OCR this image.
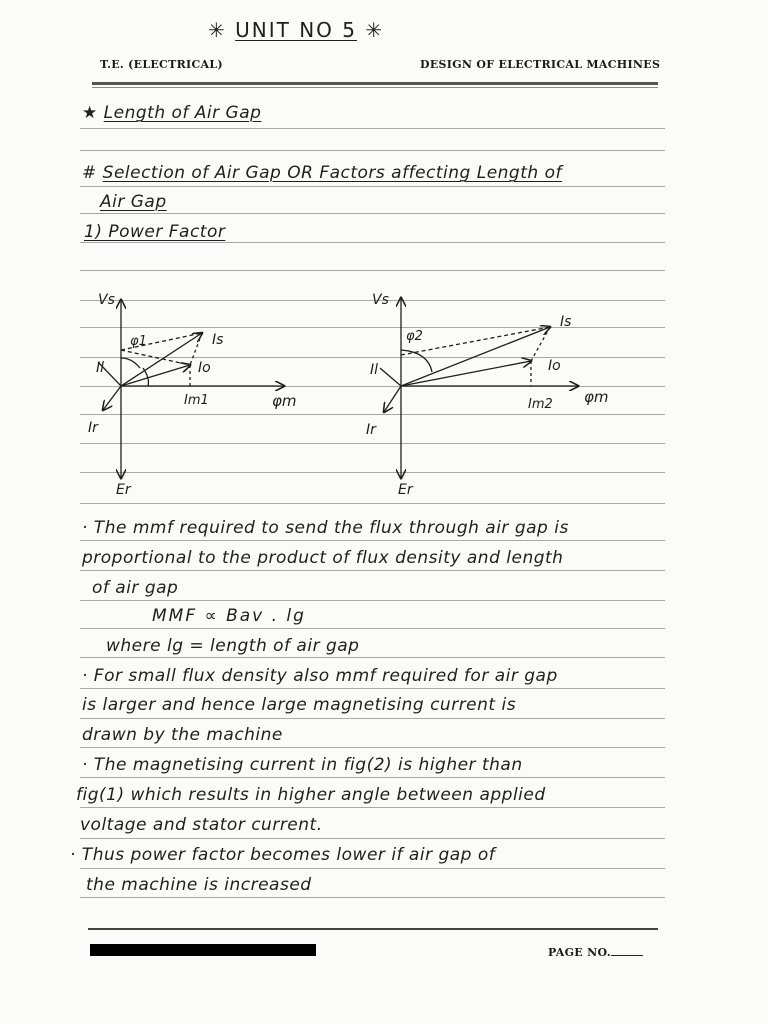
✳ UNIT NO 5 ✳
T.E. (ELECTRICAL)	DESIGN OF ELECTRICAL MACHINES
★ Length of Air Gap
# Selection of Air Gap OR Factors affecting Length of
Air Gap
1) Power Factor
Vs
φ1	Is
Il	Io
Im1	φm
Ir
Er
Vs
φ2
Is
Il	Io
Im2 φm
Ir
Er
· The mmf required to send the flux through air gap is
proportional to the product of flux density and length
of air gap
MMF ∝ Bav . lg
where lg = length of air gap
· For small flux density also mmf required for air gap
is larger and hence large magnetising current is
drawn by the machine
· The magnetising current in fig(2) is higher than
fig(1) which results in higher angle between applied
voltage and stator current.
· Thus power factor becomes lower if air gap of
the machine is increased
PAGE NO.
